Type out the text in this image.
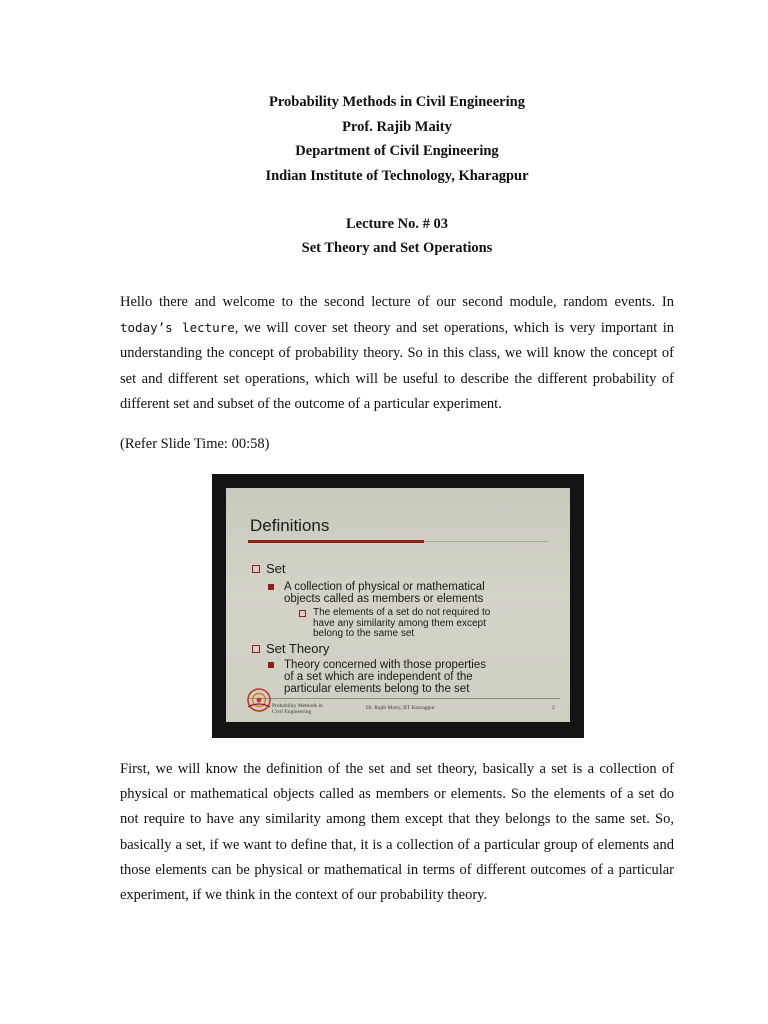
Probability Methods in Civil Engineering
Prof. Rajib Maity
Department of Civil Engineering
Indian Institute of Technology, Kharagpur
Lecture No. # 03
Set Theory and Set Operations

Hello there and welcome to the second lecture of our second module, random events. In today’s lecture, we will cover set theory and set operations, which is very important in understanding the concept of probability theory. So in this class, we will know the concept of set and different set operations, which will be useful to describe the different probability of different set and subset of the outcome of a particular experiment.

(Refer Slide Time: 00:58)

Definitions
Set
A collection of physical or mathematical
objects called as members or elements
The elements of a set do not required to
have any similarity among them except
belong to the same set
Set Theory
Theory concerned with those properties
of a set which are independent of the
particular elements belong to the set
Probability Methods in
Civil Engineering
Dr. Rajib Maity, IIT Kharagpur	2

First, we will know the definition of the set and set theory, basically a set is a collection of physical or mathematical objects called as members or elements. So the elements of a set do not require to have any similarity among them except that they belongs to the same set. So, basically a set, if we want to define that, it is a collection of a particular group of elements and those elements can be physical or mathematical in terms of different outcomes of a particular experiment, if we think in the context of our probability theory.
